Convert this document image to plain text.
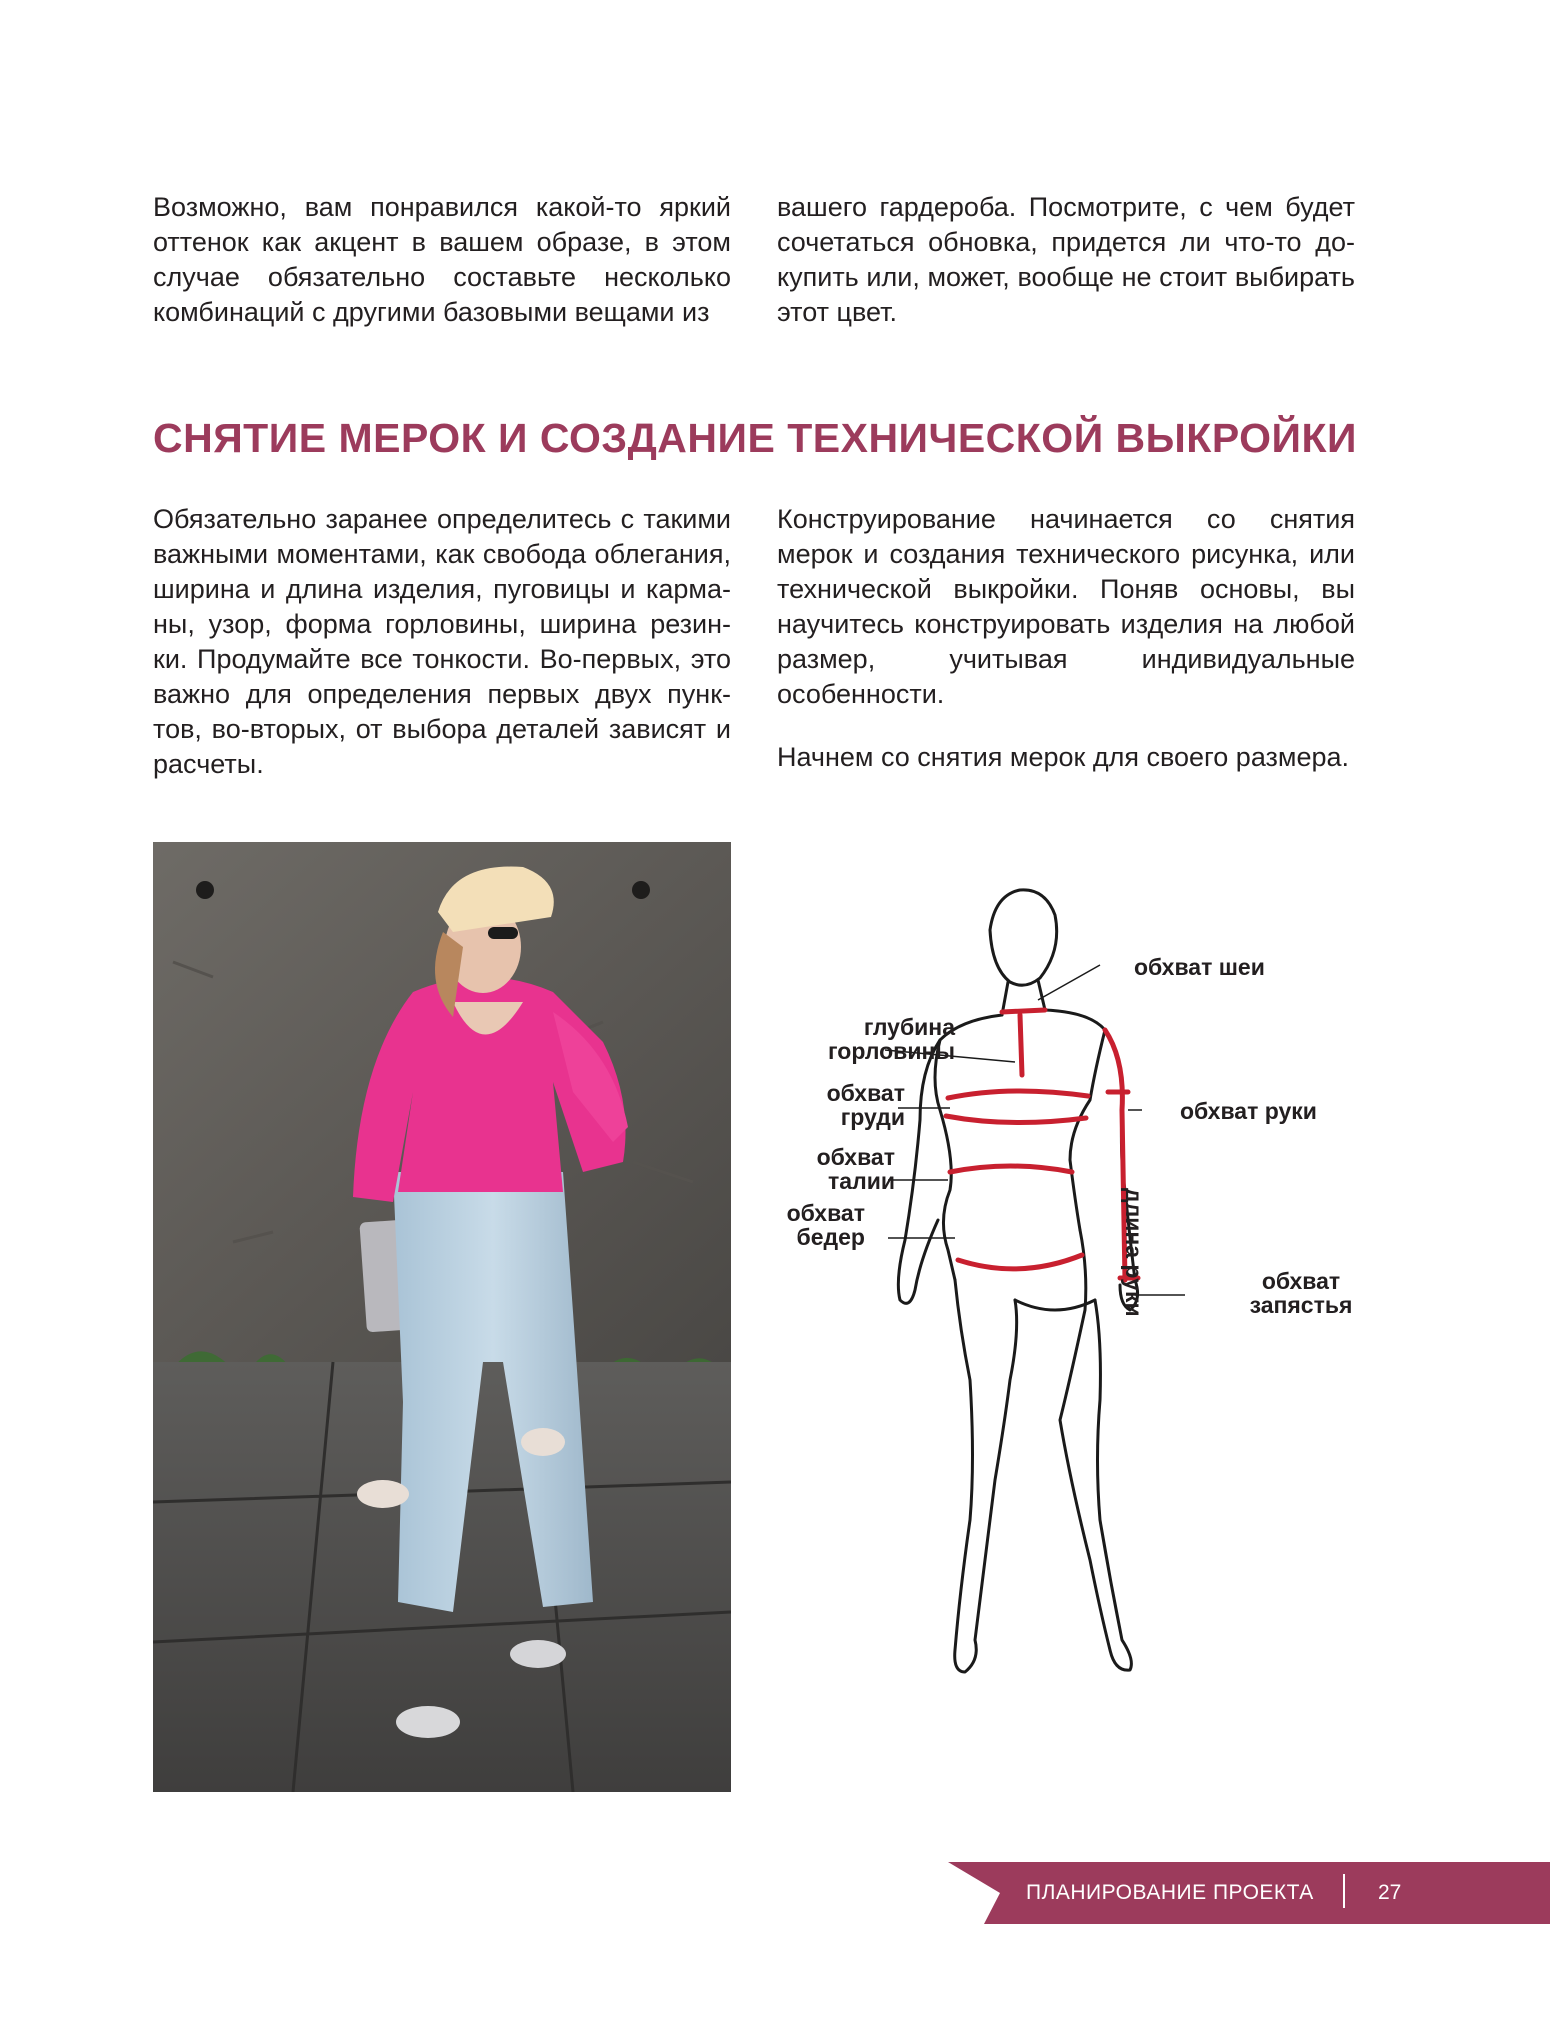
Возможно, вам понравился какой-то яркий оттенок как акцент в вашем образе, в этом случае обязательно составьте несколько комбинаций с другими базовыми вещами из

вашего гардероба. Посмотрите, с чем будет сочетаться обновка, придется ли что-то до-купить или, может, вообще не стоит выбирать этот цвет.

СНЯТИЕ МЕРОК И СОЗДАНИЕ ТЕХНИЧЕСКОЙ ВЫКРОЙКИ

Обязательно заранее определитесь с такими важными моментами, как свобода облегания, ширина и длина изделия, пуговицы и карма-ны, узор, форма горловины, ширина резин-ки. Продумайте все тонкости. Во-первых, это важно для определения первых двух пунк-тов, во-вторых, от выбора деталей зависят и расчеты.

Конструирование начинается со снятия мерок и создания технического рисунка, или технической выкройки. Поняв основы, вы научитесь конструировать изделия на любой размер, учитывая индивидуальные особенности.

Начнем со снятия мерок для своего размера.

обхват шеи
глубина
горловины
обхват
груди	обхват руки
обхват
талии
длина руки
обхват
бедер
обхват
запястья
ПЛАНИРОВАНИЕ ПРОЕКТА	27
